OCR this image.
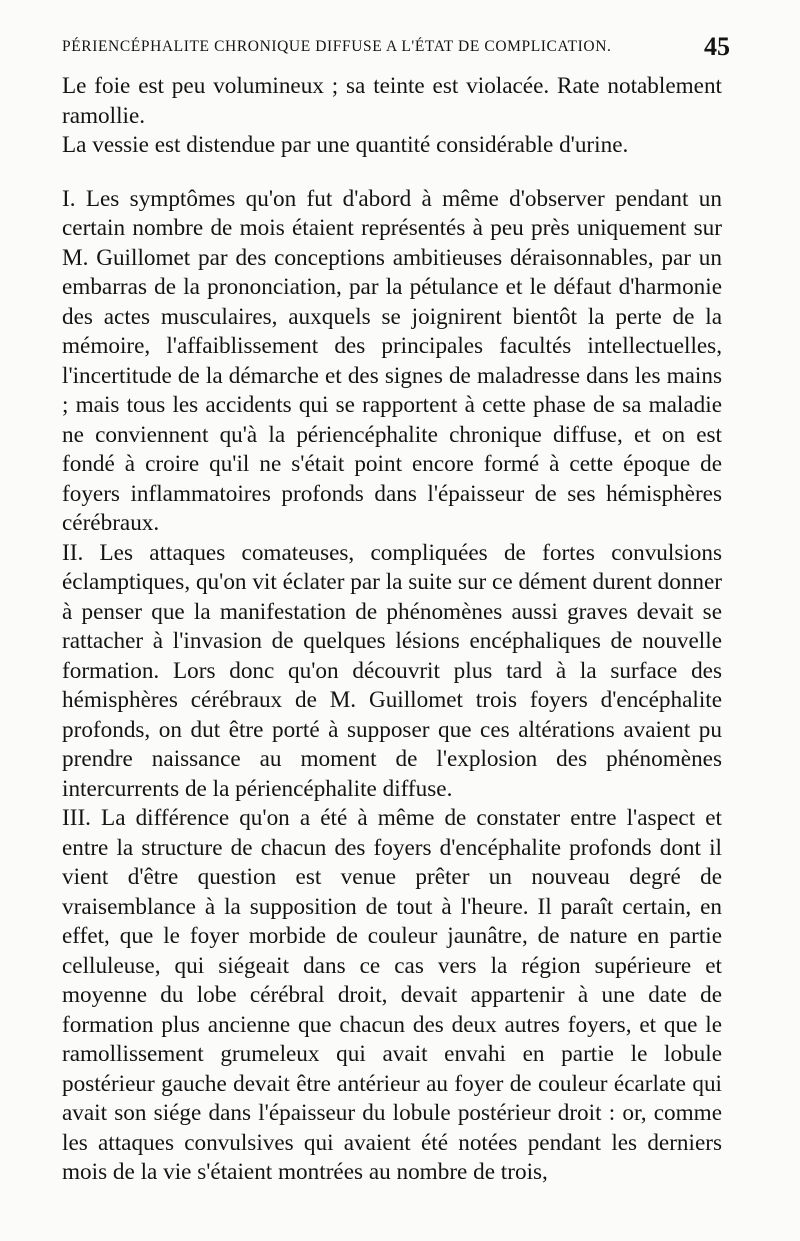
PÉRIENCÉPHALITE CHRONIQUE DIFFUSE A L'ÉTAT DE COMPLICATION.	45

Le foie est peu volumineux ; sa teinte est violacée. Rate notablement ramollie.

La vessie est distendue par une quantité considérable d'urine.

I. Les symptômes qu'on fut d'abord à même d'observer pendant un certain nombre de mois étaient représentés à peu près uniquement sur M. Guillomet par des conceptions ambitieuses déraisonnables, par un embarras de la prononciation, par la pétulance et le défaut d'harmonie des actes musculaires, auxquels se joignirent bientôt la perte de la mémoire, l'affaiblissement des principales facultés intellectuelles, l'incertitude de la démarche et des signes de maladresse dans les mains ; mais tous les accidents qui se rapportent à cette phase de sa maladie ne conviennent qu'à la périencéphalite chronique diffuse, et on est fondé à croire qu'il ne s'était point encore formé à cette époque de foyers inflammatoires profonds dans l'épaisseur de ses hémisphères cérébraux.

II. Les attaques comateuses, compliquées de fortes convulsions éclamptiques, qu'on vit éclater par la suite sur ce dément durent donner à penser que la manifestation de phénomènes aussi graves devait se rattacher à l'invasion de quelques lésions encéphaliques de nouvelle formation. Lors donc qu'on découvrit plus tard à la surface des hémisphères cérébraux de M. Guillomet trois foyers d'encéphalite profonds, on dut être porté à supposer que ces altérations avaient pu prendre naissance au moment de l'explosion des phénomènes intercurrents de la périencéphalite diffuse.

III. La différence qu'on a été à même de constater entre l'aspect et entre la structure de chacun des foyers d'encéphalite profonds dont il vient d'être question est venue prêter un nouveau degré de vraisemblance à la supposition de tout à l'heure. Il paraît certain, en effet, que le foyer morbide de couleur jaunâtre, de nature en partie celluleuse, qui siégeait dans ce cas vers la région supérieure et moyenne du lobe cérébral droit, devait appartenir à une date de formation plus ancienne que chacun des deux autres foyers, et que le ramollissement grumeleux qui avait envahi en partie le lobule postérieur gauche devait être antérieur au foyer de couleur écarlate qui avait son siége dans l'épaisseur du lobule postérieur droit : or, comme les attaques convulsives qui avaient été notées pendant les derniers mois de la vie s'étaient montrées au nombre de trois,
